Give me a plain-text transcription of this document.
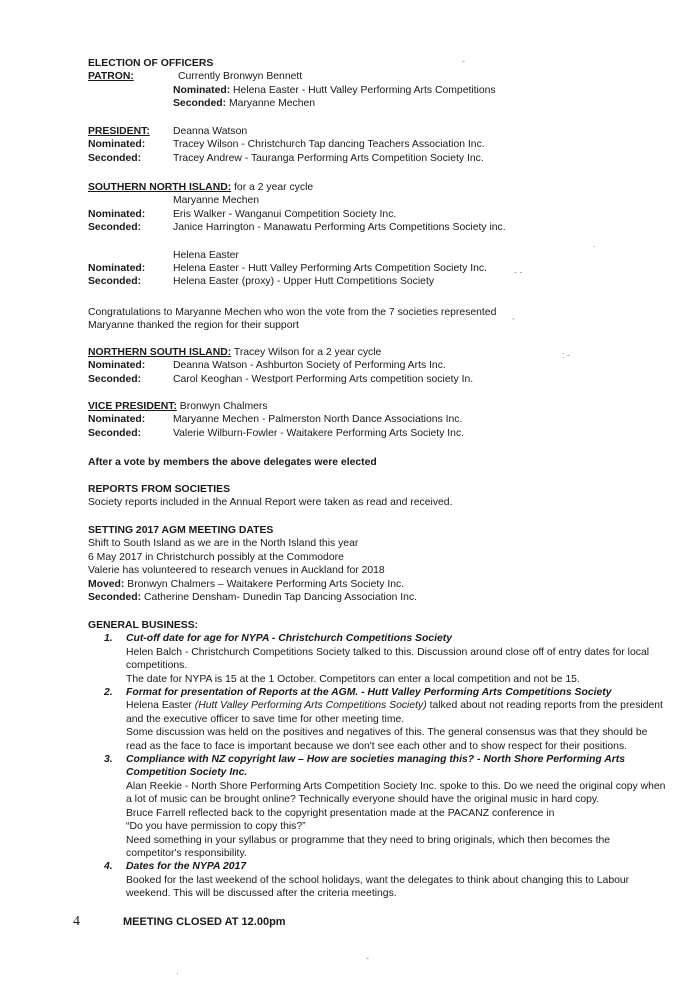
ELECTION OF OFFICERS
PATRON:	Currently Bronwyn Bennett
Nominated: Helena Easter - Hutt Valley Performing Arts Competitions
Seconded: Maryanne Mechen
PRESIDENT:	Deanna Watson
Nominated:	Tracey Wilson - Christchurch Tap dancing Teachers Association Inc.
Seconded:	Tracey Andrew - Tauranga Performing Arts Competition Society Inc.
SOUTHERN NORTH ISLAND: for a 2 year cycle
Maryanne Mechen
Nominated:	Eris Walker - Wanganui Competition Society Inc.
Seconded:	Janice Harrington - Manawatu Performing Arts Competitions Society inc.
Helena Easter
Nominated:	Helena Easter - Hutt Valley Performing Arts Competition Society Inc.
Seconded:	Helena Easter (proxy) - Upper Hutt Competitions Society
Congratulations to Maryanne Mechen who won the vote from the 7 societies represented
Maryanne thanked the region for their support
NORTHERN SOUTH ISLAND: Tracey Wilson for a 2 year cycle
Nominated:	Deanna Watson - Ashburton Society of Performing Arts Inc.
Seconded:	Carol Keoghan - Westport Performing Arts competition society In.
VICE PRESIDENT: Bronwyn Chalmers
Nominated:	Maryanne Mechen - Palmerston North Dance Associations Inc.
Seconded:	Valerie Wilburn-Fowler - Waitakere Performing Arts Society Inc.
After a vote by members the above delegates were elected
REPORTS FROM SOCIETIES
Society reports included in the Annual Report were taken as read and received.
SETTING 2017 AGM MEETING DATES
Shift to South Island as we are in the North Island this year
6 May 2017 in Christchurch possibly at the Commodore
Valerie has volunteered to research venues in Auckland for 2018
Moved: Bronwyn Chalmers – Waitakere Performing Arts Society Inc.
Seconded: Catherine Densham- Dunedin Tap Dancing Association Inc.
GENERAL BUSINESS:
1. Cut-off date for age for NYPA - Christchurch Competitions Society
Helen Balch - Christchurch Competitions Society talked to this. Discussion around close off of entry dates for local competitions.
The date for NYPA is 15 at the 1 October. Competitors can enter a local competition and not be 15.
2. Format for presentation of Reports at the AGM. - Hutt Valley Performing Arts Competitions Society
Helena Easter (Hutt Valley Performing Arts Competitions Society) talked about not reading reports from the president and the executive officer to save time for other meeting time.
Some discussion was held on the positives and negatives of this. The general consensus was that they should be read as the face to face is important because we don't see each other and to show respect for their positions.
3. Compliance with NZ copyright law – How are societies managing this? - North Shore Performing Arts Competition Society Inc.
Alan Reekie - North Shore Performing Arts Competition Society Inc. spoke to this. Do we need the original copy when a lot of music can be brought online? Technically everyone should have the original music in hard copy.
Bruce Farrell reflected back to the copyright presentation made at the PACANZ conference in
“Do you have permission to copy this?”
Need something in your syllabus or programme that they need to bring originals, which then becomes the competitor's responsibility.
4. Dates for the NYPA 2017
Booked for the last weekend of the school holidays, want the delegates to think about changing this to Labour weekend. This will be discussed after the criteria meetings.
4	MEETING CLOSED AT 12.00pm
-
·
- -
: -
ˇ
·
-
